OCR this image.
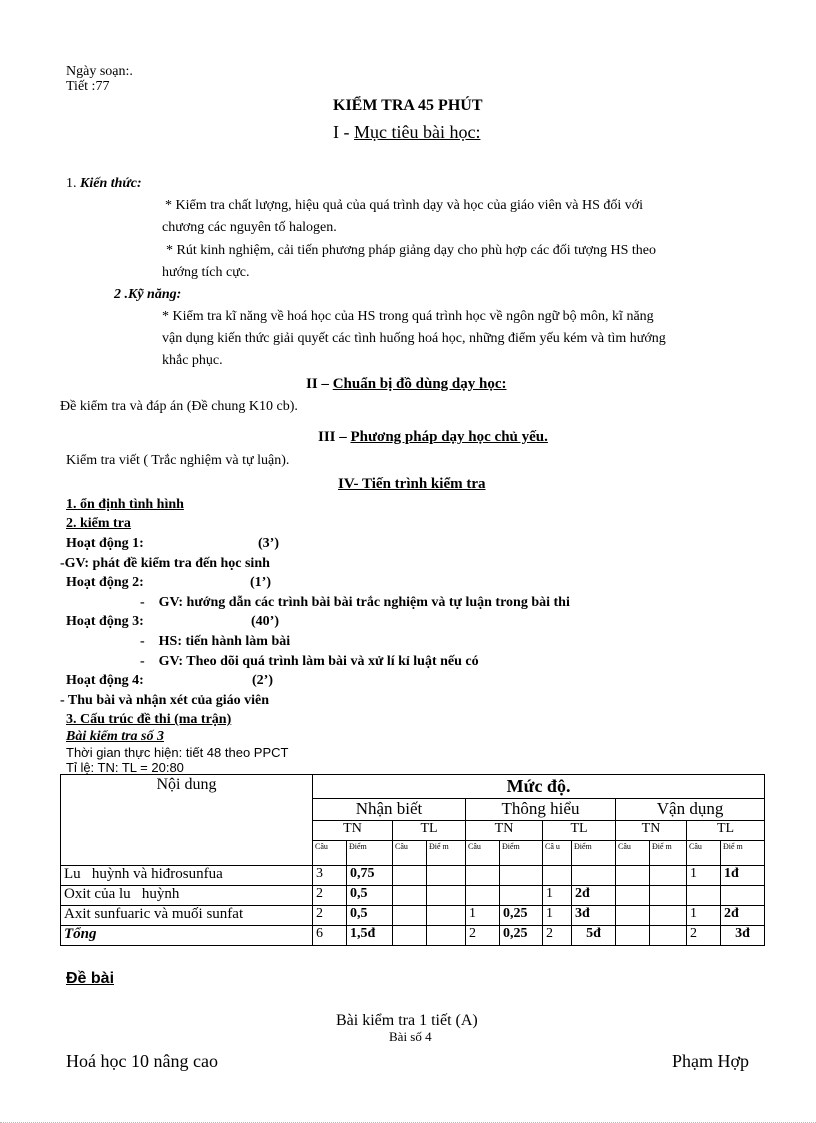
Ngày soạn:.
Tiết :77
KIỂM TRA 45 PHÚT
I - Mục tiêu bài học:
1. Kiến thức:
* Kiểm tra chất lượng, hiệu quả của quá trình dạy và học của giáo viên và HS đối với
chương các nguyên tố halogen.
* Rút kinh nghiệm, cải tiến phương pháp giảng dạy cho phù hợp các đối tượng HS theo
hướng tích cực.
2 .Kỹ năng:
* Kiểm tra kĩ năng về hoá học của HS trong quá trình học về ngôn ngữ bộ môn, kĩ năng
vận dụng kiến thức giải quyết các tình huống hoá học, những điểm yếu kém và tìm hướng
khắc phục.
II – Chuẩn bị đồ dùng dạy học:
Đề kiểm tra và đáp án (Đề chung K10 cb).
III – Phương pháp dạy học chủ yếu.
Kiểm tra viết ( Trắc nghiệm và tự luận).
IV- Tiến trình kiểm tra
1. ổn định tình hình
2. kiểm tra
Hoạt động 1:	(3’)
-GV: phát đề kiểm tra đến học sinh
Hoạt động 2:	(1’)
-    GV: hướng dẫn các trình bài bài trắc nghiệm và tự luận trong bài thi
Hoạt động 3:	(40’)
-    HS: tiến hành làm bài
-    GV: Theo dõi quá trình làm bài và xử lí kỉ luật nếu có
Hoạt động 4:	(2’)
- Thu bài và nhận xét của giáo viên
3. Cấu trúc đề thi (ma trận)
Bài kiểm tra số 3
Thời gian thực hiện: tiết 48 theo PPCT
Tỉ lệ: TN: TL = 20:80
Nội dung	Mức độ.											
	Nhận biết				Thông hiểu				Vận dụng			
	TN		TL		TN		TL		TN		TL	
	Câu	Điểm	Câu	Điể m	Câu	Điểm	Câ u	Điểm	Câu	Điể m	Câu	Điể m
Lu   huỳnh và hiđrosunfua	3	0,75									1	1đ
Oxit của lu   huỳnh	2	0,5					1	2đ				
Axit sunfuaric và muối sunfat	2	0,5			1	0,25	1	3đ			1	2đ
Tổng	6	1,5đ			2	0,25	2	5đ			2	3đ
Đề bài
Bài kiểm tra 1 tiết (A)
Bài số 4
Hoá học 10 nâng cao	Phạm Hợp
